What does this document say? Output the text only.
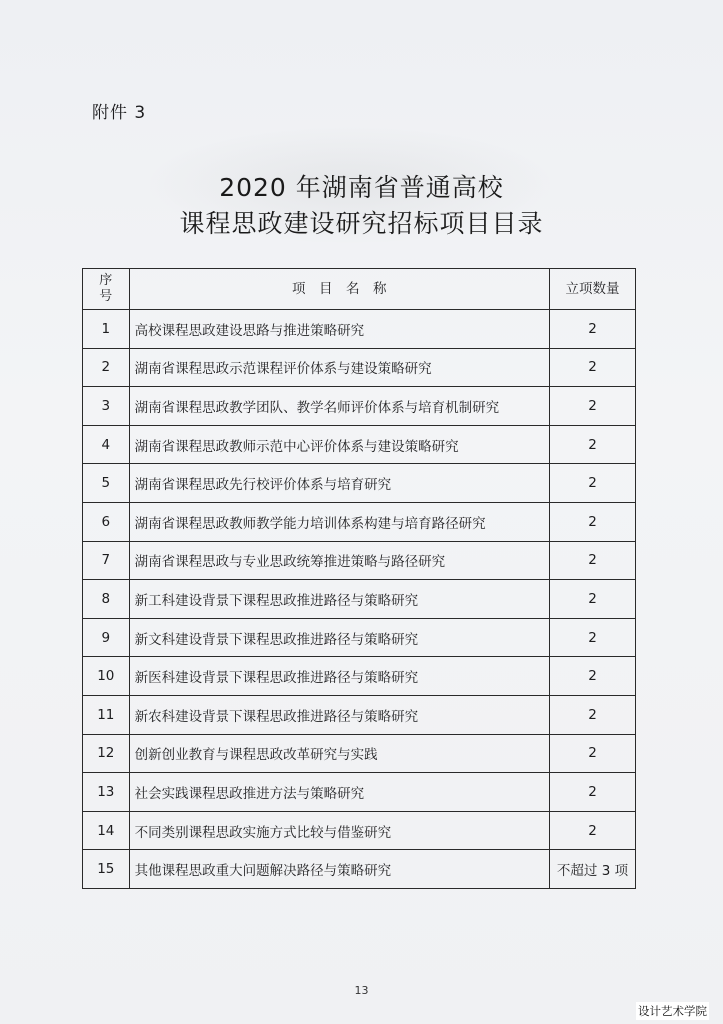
附件 3
2020 年湖南省普通高校
课程思政建设研究招标项目目录
序
号	项　目　名　称	立项数量
1	高校课程思政建设思路与推进策略研究	2
2	湖南省课程思政示范课程评价体系与建设策略研究	2
3	湖南省课程思政教学团队、教学名师评价体系与培育机制研究	2
4	湖南省课程思政教师示范中心评价体系与建设策略研究	2
5	湖南省课程思政先行校评价体系与培育研究	2
6	湖南省课程思政教师教学能力培训体系构建与培育路径研究	2
7	湖南省课程思政与专业思政统筹推进策略与路径研究	2
8	新工科建设背景下课程思政推进路径与策略研究	2
9	新文科建设背景下课程思政推进路径与策略研究	2
10	新医科建设背景下课程思政推进路径与策略研究	2
11	新农科建设背景下课程思政推进路径与策略研究	2
12	创新创业教育与课程思政改革研究与实践	2
13	社会实践课程思政推进方法与策略研究	2
14	不同类别课程思政实施方式比较与借鉴研究	2
15	其他课程思政重大问题解决路径与策略研究	不超过 3 项
13
设计艺术学院
